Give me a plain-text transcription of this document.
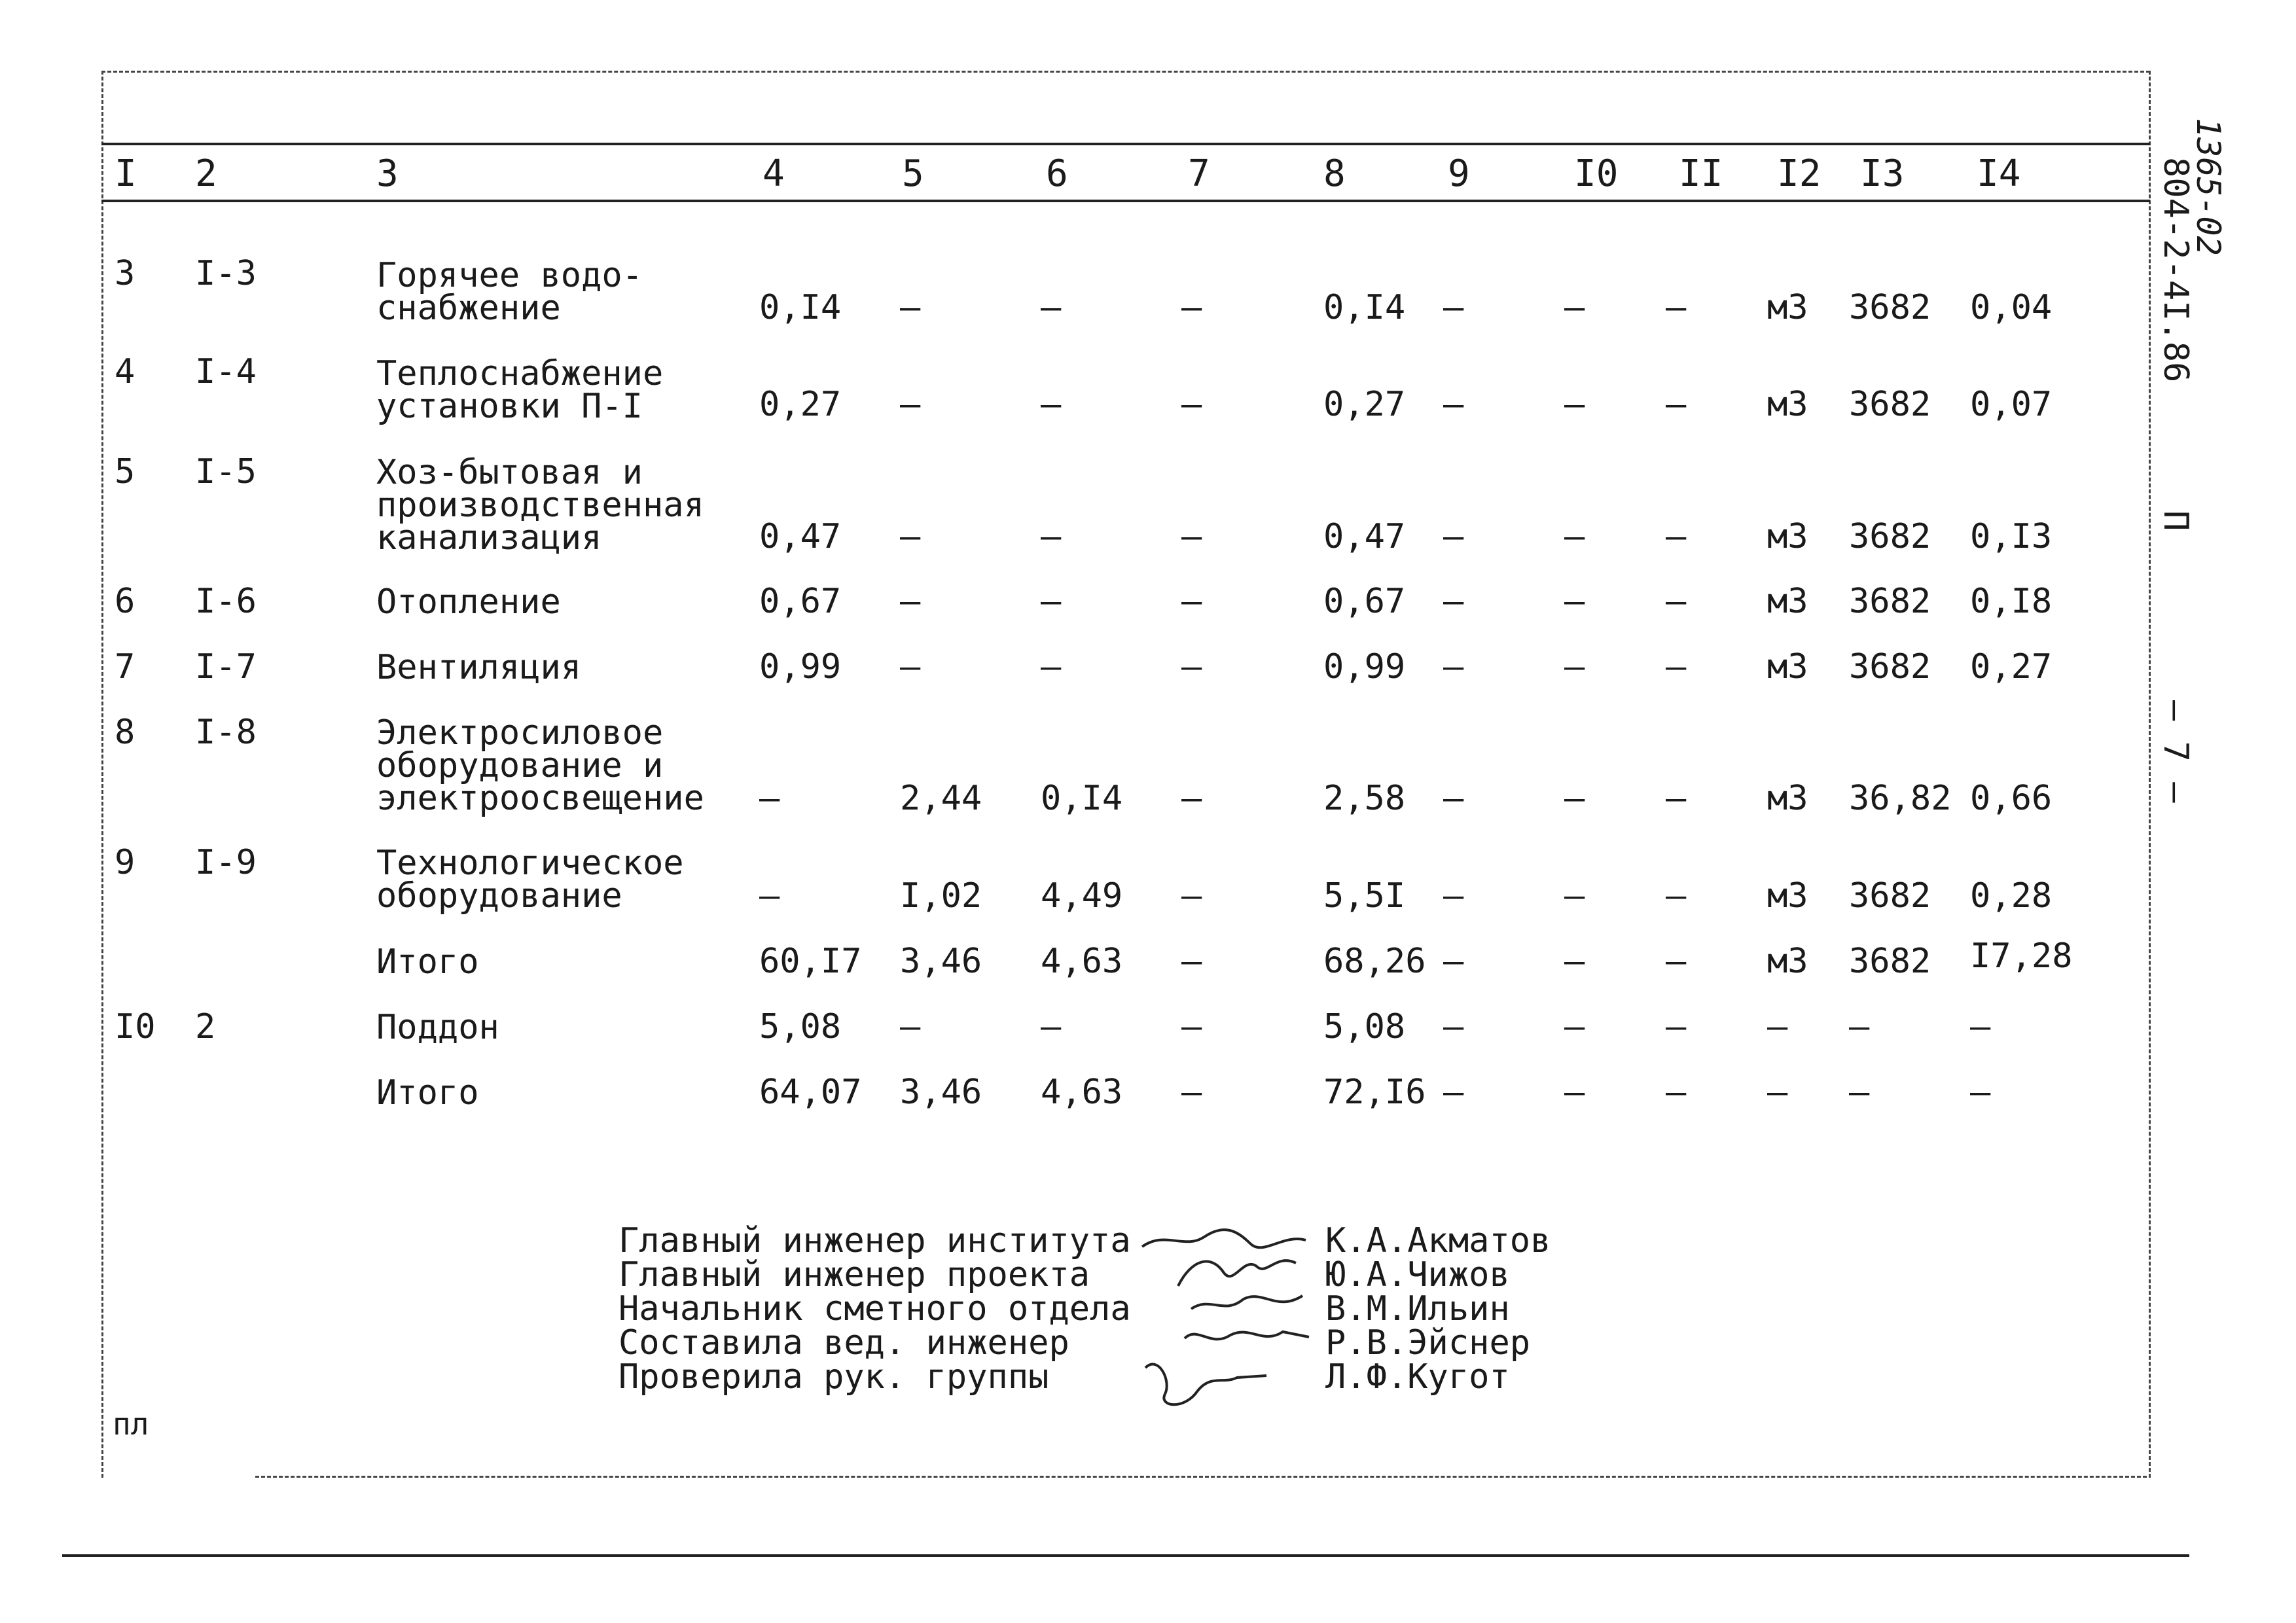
I 2	3	4	5	6	7	8	9	I0 II I2 I3 I4
3 I-3	Горячее водо-
снабжение	0,I4 –	–	–	0,I4 –	– – м3 3682 0,04
4 I-4	Теплоснабжение
установки П-I	0,27 –	–	–	0,27 –	– – м3 3682 0,07
5 I-5	Хоз-бытовая и
производственная
канализация	0,47 –	–	–	0,47 –	– – м3 3682 0,I3
6 I-6	Отопление	0,67 –	–	–	0,67 –	– – м3 3682 0,I8
7 I-7	Вентиляция	0,99 –	–	–	0,99 –	– – м3 3682 0,27
8 I-8	Электросиловое
оборудование и
электроосвещение –	2,44 0,I4 –	2,58 –	– – м3 36,82 0,66
9 I-9	Технологическое
оборудование	–	I,02 4,49 –	5,5I –	– – м3 3682 0,28
Итого	60,I7 3,46 4,63 –	68,26 –	– – м3 3682 I7,28
I0 2	Поддон	5,08 –	–	–	5,08 –	– – – –	–
Итого	64,07 3,46 4,63 –	72,I6 –	– – – –	–
Главный инженер института	К.А.Акматов
Главный инженер проекта	Ю.А.Чижов
Начальник сметного отдела	В.М.Ильин
Составила вед. инженер	Р.В.Эйснер
Проверила рук. группы	Л.Ф.Кугот
1365-02
804-2-4I.86
П
– 7 –
пл
